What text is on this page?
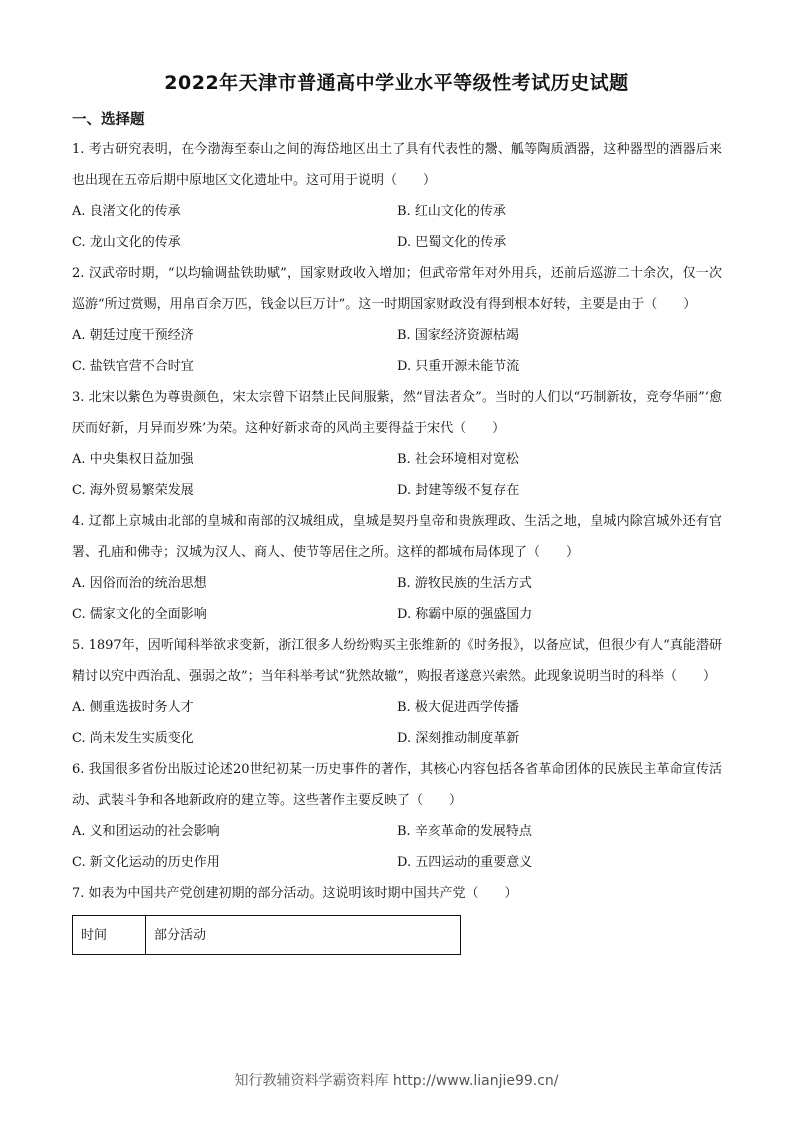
2022年天津市普通高中学业水平等级性考试历史试题
一、选择题

1. 考古研究表明，在今渤海至泰山之间的海岱地区出土了具有代表性的鬶、觚等陶质酒器，这种器型的酒器后来也出现在五帝后期中原地区文化遗址中。这可用于说明（　　）

A. 良渚文化的传承	B. 红山文化的传承
C. 龙山文化的传承	D. 巴蜀文化的传承

2. 汉武帝时期，“以均输调盐铁助赋”，国家财政收入增加；但武帝常年对外用兵，还前后巡游二十余次，仅一次巡游“所过赏赐，用帛百余万匹，钱金以巨万计”。这一时期国家财政没有得到根本好转，主要是由于（　　）

A. 朝廷过度干预经济	B. 国家经济资源枯竭
C. 盐铁官营不合时宜	D. 只重开源未能节流

3. 北宋以紫色为尊贵颜色，宋太宗曾下诏禁止民间服紫，然“冒法者众”。当时的人们以“巧制新妆，竞夸华丽”‘愈厌而好新，月异而岁殊’为荣。这种好新求奇的风尚主要得益于宋代（　　）

A. 中央集权日益加强	B. 社会环境相对宽松
C. 海外贸易繁荣发展	D. 封建等级不复存在

4. 辽都上京城由北部的皇城和南部的汉城组成，皇城是契丹皇帝和贵族理政、生活之地，皇城内除宫城外还有官署、孔庙和佛寺；汉城为汉人、商人、使节等居住之所。这样的都城布局体现了（　　）

A. 因俗而治的统治思想	B. 游牧民族的生活方式
C. 儒家文化的全面影响	D. 称霸中原的强盛国力

5. 1897年，因听闻科举欲求变新，浙江很多人纷纷购买主张维新的《时务报》，以备应试，但很少有人“真能潜研精讨以究中西治乱、强弱之故”；当年科举考试“犹然故辙”，购报者遂意兴索然。此现象说明当时的科举（　　）

A. 侧重选拔时务人才	B. 极大促进西学传播
C. 尚未发生实质变化	D. 深刻推动制度革新

6. 我国很多省份出版过论述20世纪初某一历史事件的著作，其核心内容包括各省革命团体的民族民主革命宣传活动、武装斗争和各地新政府的建立等。这些著作主要反映了（　　）

A. 义和团运动的社会影响	B. 辛亥革命的发展特点
C. 新文化运动的历史作用	D. 五四运动的重要意义

7. 如表为中国共产党创建初期的部分活动。这说明该时期中国共产党（　　）

时间	部分活动
知行教辅资料学霸资料库 http://www.lianjie99.cn/
